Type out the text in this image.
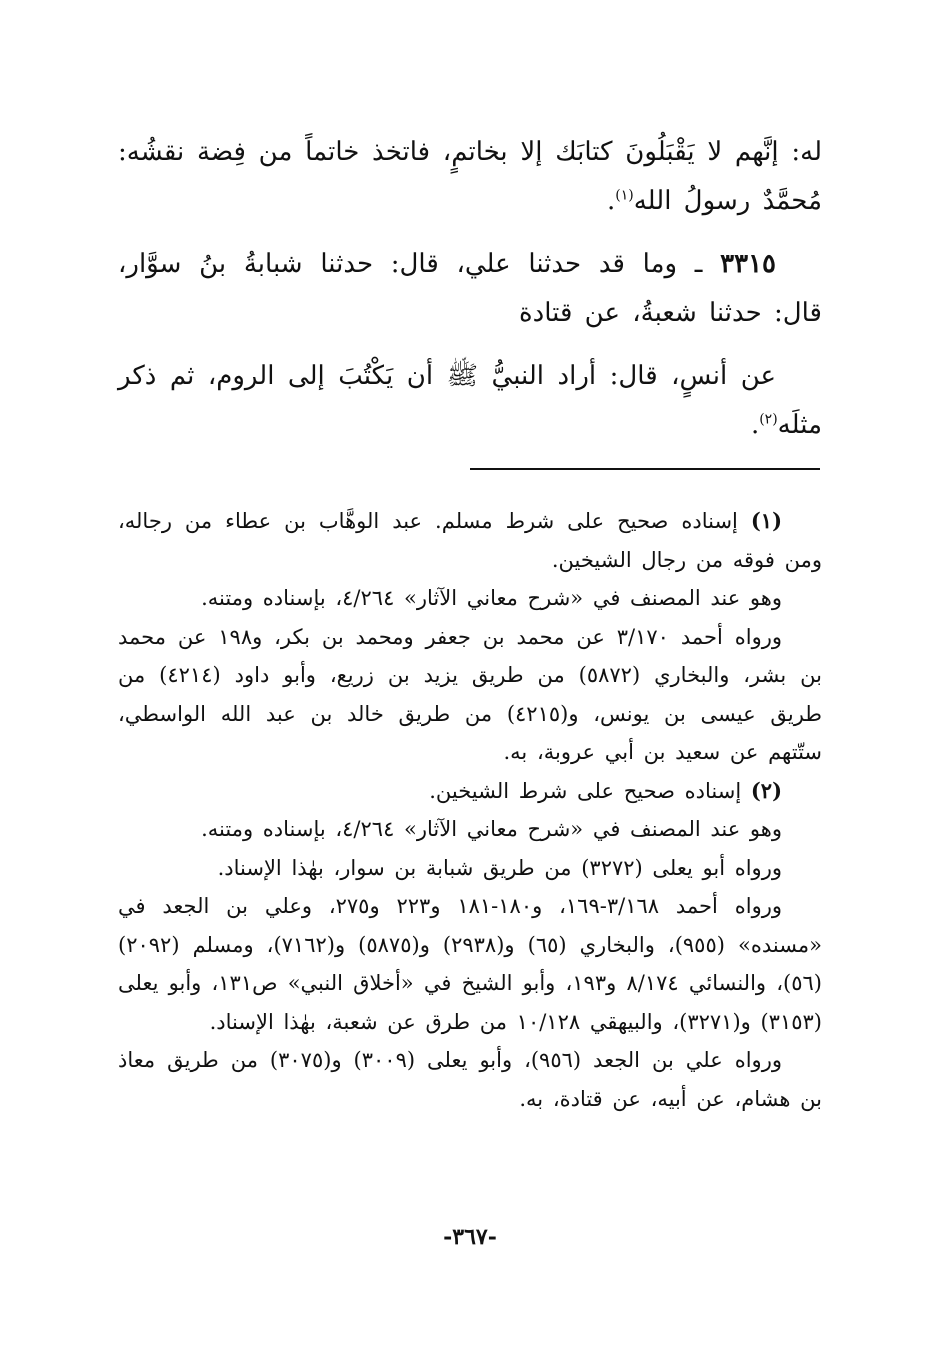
له: إنَّهم لا يَقْبَلُونَ كتابَك إلا بخاتمٍ، فاتخذ خاتماً من فِضة نقشُه: مُحمَّدٌ رسولُ الله$^{(١)}$.

٣٣١٥ ـ وما قد حدثنا علي، قال: حدثنا شبابةُ بنُ سوَّار، قال: حدثنا شعبةُ، عن قتادة

عن أنسٍ، قال: أراد النبيُّ ﷺ أن يَكْتُبَ إلى الروم، ثم ذكر مثلَه$^{(٢)}$.

(١) إسناده صحيح على شرط مسلم. عبد الوهَّاب بن عطاء من رجاله، ومن فوقه من رجال الشيخين.

وهو عند المصنف في «شرح معاني الآثار» ٤/٢٦٤، بإسناده ومتنه.

ورواه أحمد ٣/١٧٠ عن محمد بن جعفر ومحمد بن بكر، و١٩٨ عن محمد بن بشر، والبخاري (٥٨٧٢) من طريق يزيد بن زريع، وأبو داود (٤٢١٤) من طريق عيسى بن يونس، و(٤٢١٥) من طريق خالد بن عبد الله الواسطي، ستّتهم عن سعيد بن أبي عروبة، به.

(٢) إسناده صحيح على شرط الشيخين.

وهو عند المصنف في «شرح معاني الآثار» ٤/٢٦٤، بإسناده ومتنه.

ورواه أبو يعلى (٣٢٧٢) من طريق شبابة بن سوار، بهٰذا الإسناد.

ورواه أحمد ٣/١٦٨-١٦٩، و١٨٠-١٨١ و٢٢٣ و٢٧٥، وعلي بن الجعد في «مسنده» (٩٥٥)، والبخاري (٦٥) و(٢٩٣٨) و(٥٨٧٥) و(٧١٦٢)، ومسلم (٢٠٩٢) (٥٦)، والنسائي ٨/١٧٤ و١٩٣، وأبو الشيخ في «أخلاق النبي» ص١٣١، وأبو يعلى (٣١٥٣) و(٣٢٧١)، والبيهقي ١٠/١٢٨ من طرق عن شعبة، بهٰذا الإسناد.

ورواه علي بن الجعد (٩٥٦)، وأبو يعلى (٣٠٠٩) و(٣٠٧٥) من طريق معاذ بن هشام، عن أبيه، عن قتادة، به.

-٣٦٧-
